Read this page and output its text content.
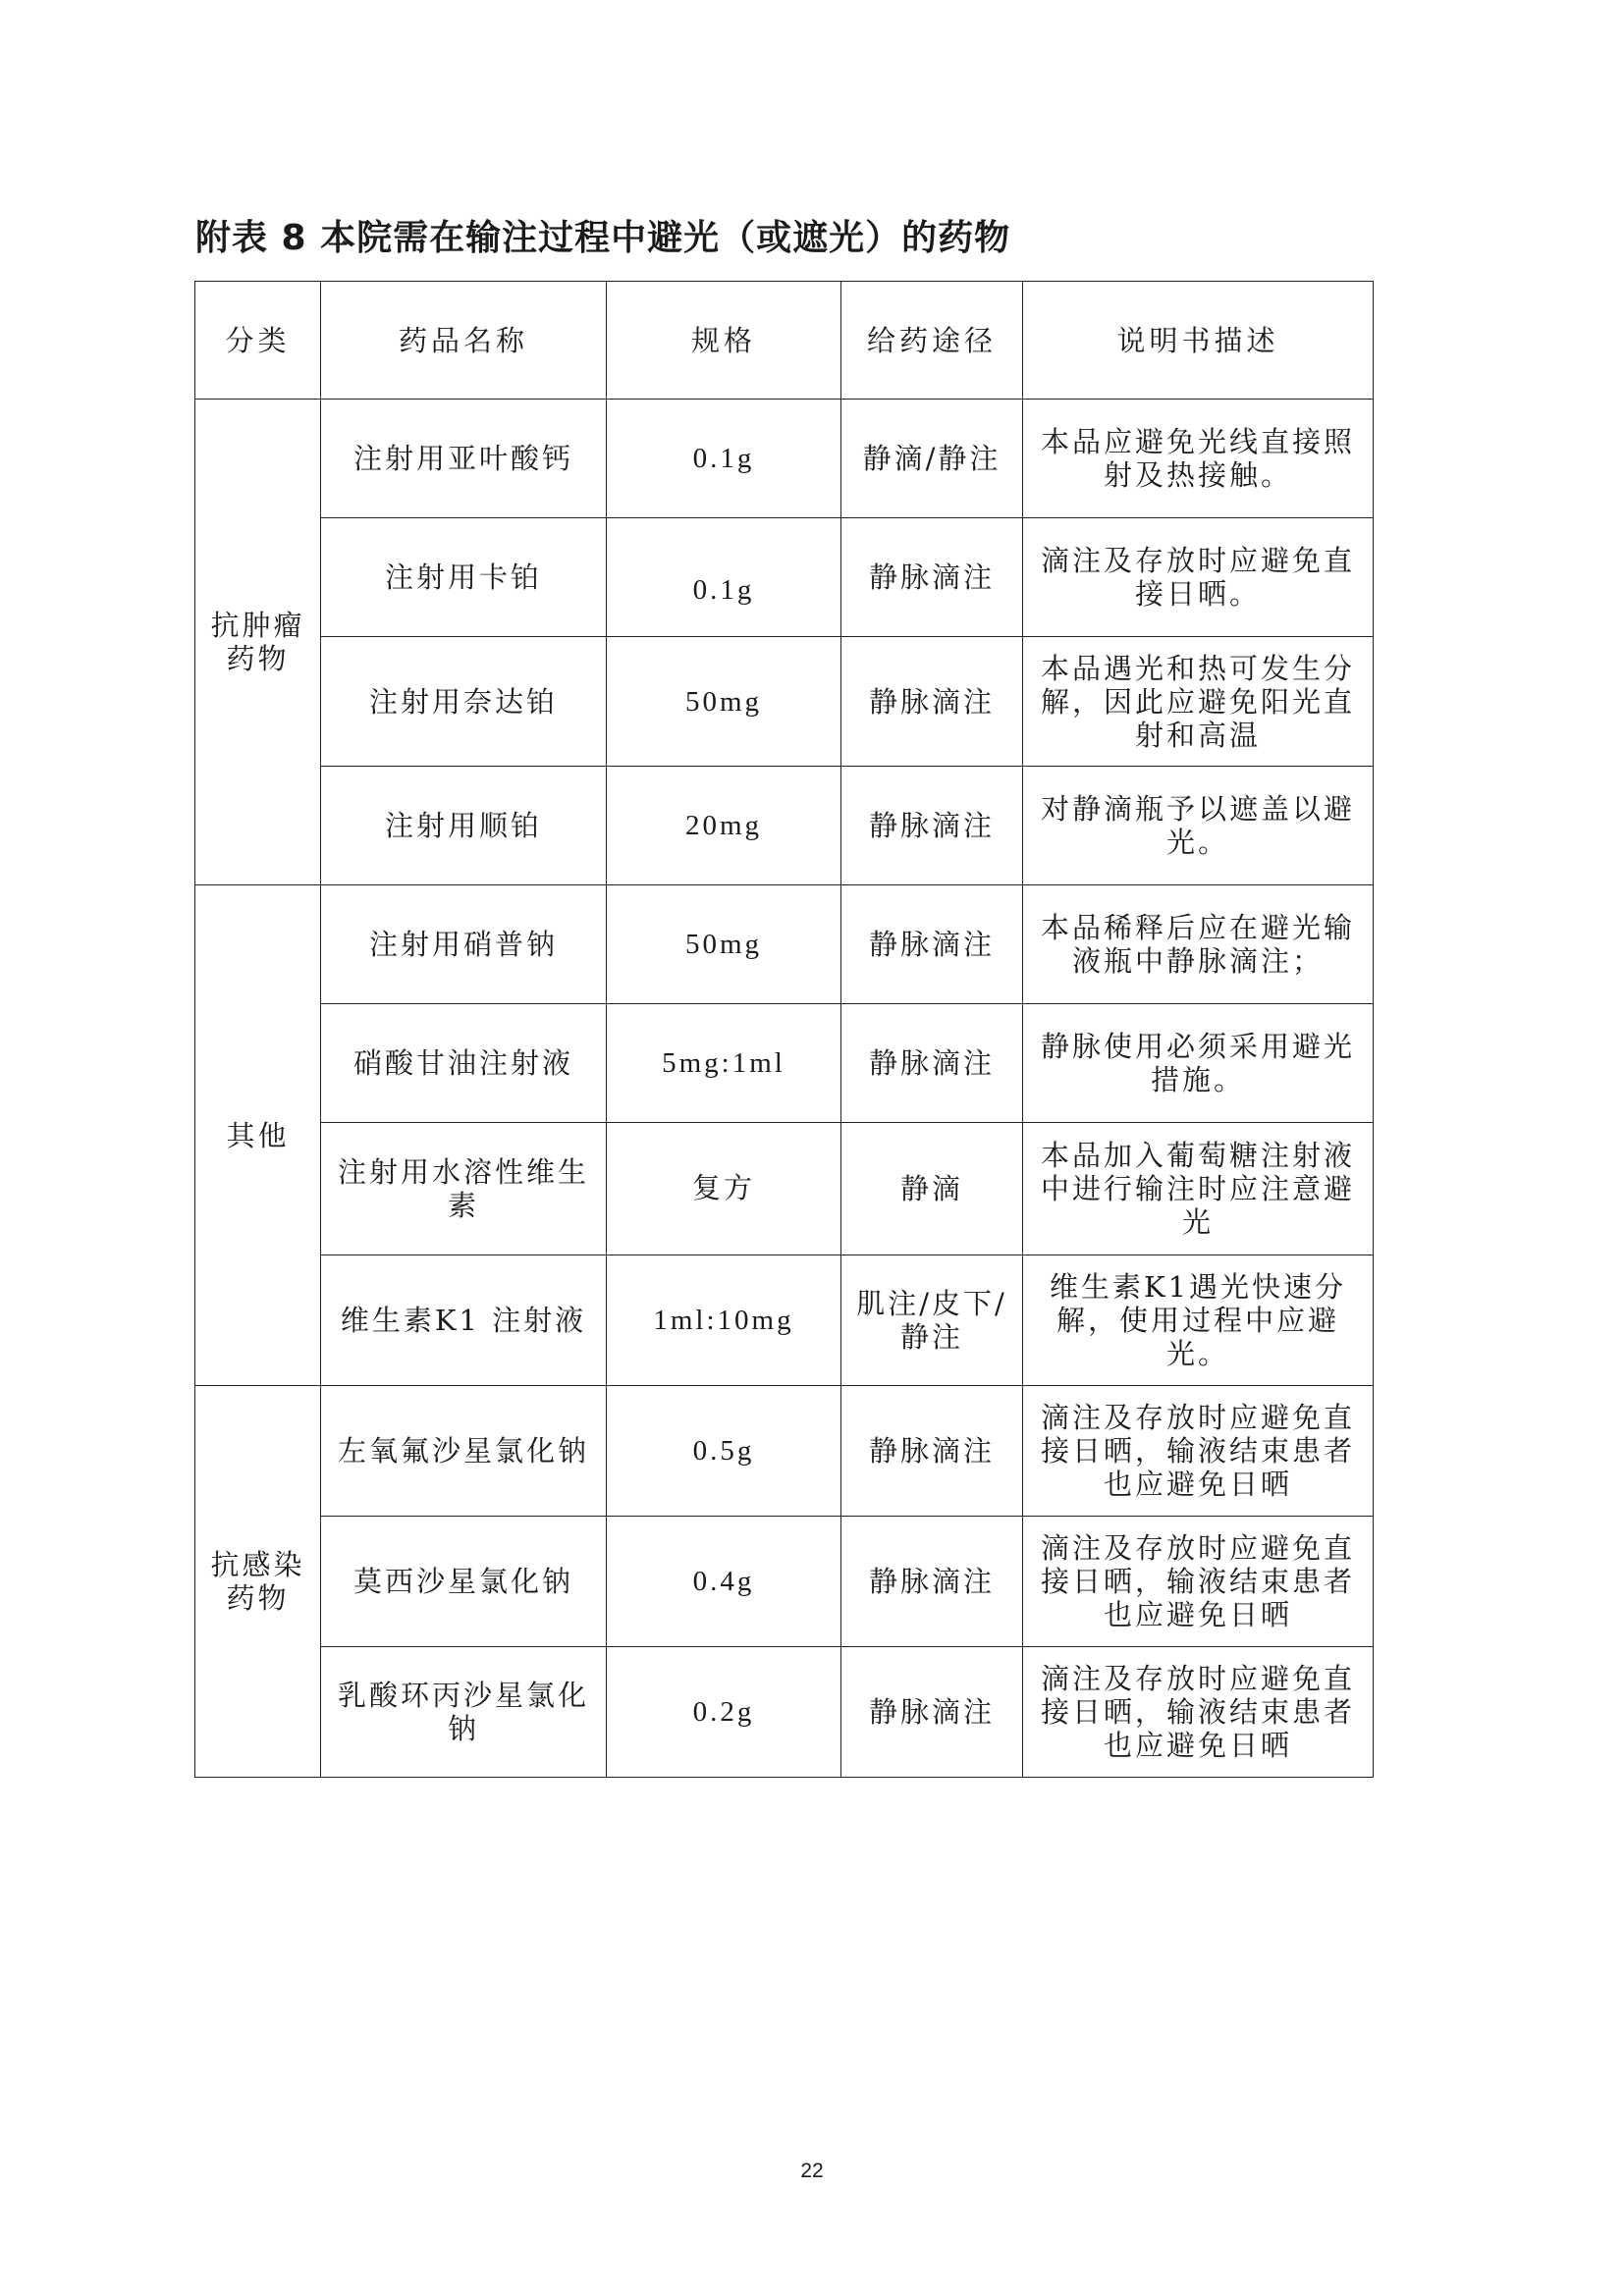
附表 8 本院需在输注过程中避光（或遮光）的药物
分类	药品名称	规格	给药途径	说明书描述
抗肿瘤药物	注射用亚叶酸钙	0.1g	静滴/静注	本品应避免光线直接照射及热接触。
	注射用卡铂	0.1g	静脉滴注	滴注及存放时应避免直接日晒。
	注射用奈达铂	50mg	静脉滴注	本品遇光和热可发生分解，因此应避免阳光直射和高温
	注射用顺铂	20mg	静脉滴注	对静滴瓶予以遮盖以避光。
其他	注射用硝普钠	50mg	静脉滴注	本品稀释后应在避光输液瓶中静脉滴注；
	硝酸甘油注射液	5mg:1ml	静脉滴注	静脉使用必须采用避光措施。
	注射用水溶性维生素	复方	静滴	本品加入葡萄糖注射液中进行输注时应注意避光
	维生素K1 注射液	1ml:10mg	肌注/皮下/静注	维生素K1遇光快速分解，使用过程中应避光。
抗感染药物	左氧氟沙星氯化钠	0.5g	静脉滴注	滴注及存放时应避免直接日晒，输液结束患者也应避免日晒
	莫西沙星氯化钠	0.4g	静脉滴注	滴注及存放时应避免直接日晒，输液结束患者也应避免日晒
	乳酸环丙沙星氯化钠	0.2g	静脉滴注	滴注及存放时应避免直接日晒，输液结束患者也应避免日晒
22
